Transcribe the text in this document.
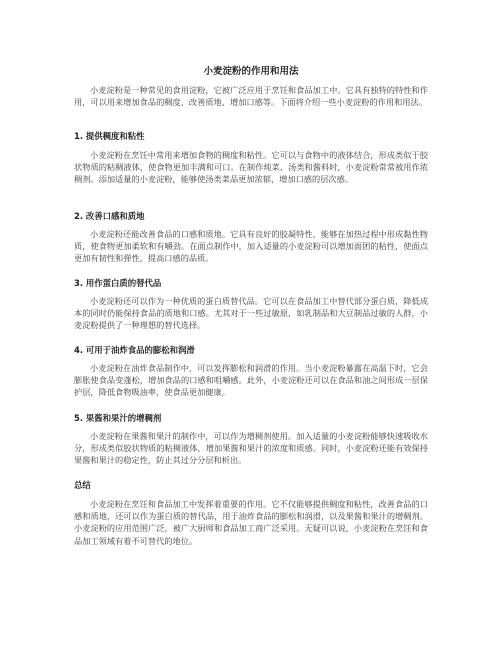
小麦淀粉的作用和用法

小麦淀粉是一种常见的食用淀粉，它被广泛应用于烹饪和食品加工中。它具有独特的特性和作用，可以用来增加食品的稠度、改善质地、增加口感等。下面将介绍一些小麦淀粉的作用和用法。

1. 提供稠度和粘性

小麦淀粉在烹饪中常用来增加食物的稠度和粘性。它可以与食物中的液体结合，形成类似于胶状物质的粘稠液体，使食物更加丰满和可口。在制作炖菜、汤类和酱料时，小麦淀粉常常被用作浓稠剂。添加适量的小麦淀粉，能够使汤类菜品更加浓郁，增加口感的层次感。

2. 改善口感和质地

小麦淀粉还能改善食品的口感和质地。它具有良好的胶凝特性，能够在加热过程中形成黏性物质，使食物更加柔软和有嚼劲。在面点制作中，加入适量的小麦淀粉可以增加面团的粘性，使面点更加有韧性和弹性，提高口感的品质。

3. 用作蛋白质的替代品

小麦淀粉还可以作为一种优质的蛋白质替代品。它可以在食品加工中替代部分蛋白质，降低成本的同时仍能保持食品的质地和口感。尤其对于一些过敏原，如乳制品和大豆制品过敏的人群，小麦淀粉提供了一种理想的替代选择。

4. 可用于油炸食品的膨松和润滑

小麦淀粉在油炸食品制作中，可以发挥膨松和润滑的作用。当小麦淀粉暴露在高温下时，它会膨胀使食品变蓬松，增加食品的口感和咀嚼感。此外，小麦淀粉还可以在食品和油之间形成一层保护层，降低食物吸油率，使食品更加健康。

5. 果酱和果汁的增稠剂

小麦淀粉在果酱和果汁的制作中，可以作为增稠剂使用。加入适量的小麦淀粉能够快速吸收水分，形成类似胶状物质的粘稠液体，增加果酱和果汁的浓度和质感。同时，小麦淀粉还能有效保持果酱和果汁的稳定性，防止其过分分层和析出。

总结

小麦淀粉在烹饪和食品加工中发挥着重要的作用。它不仅能够提供稠度和粘性，改善食品的口感和质地，还可以作为蛋白质的替代品，用于油炸食品的膨松和润滑，以及果酱和果汁的增稠剂。小麦淀粉的应用范围广泛，被广大厨师和食品加工商广泛采用。无疑可以说，小麦淀粉在烹饪和食品加工领域有着不可替代的地位。
